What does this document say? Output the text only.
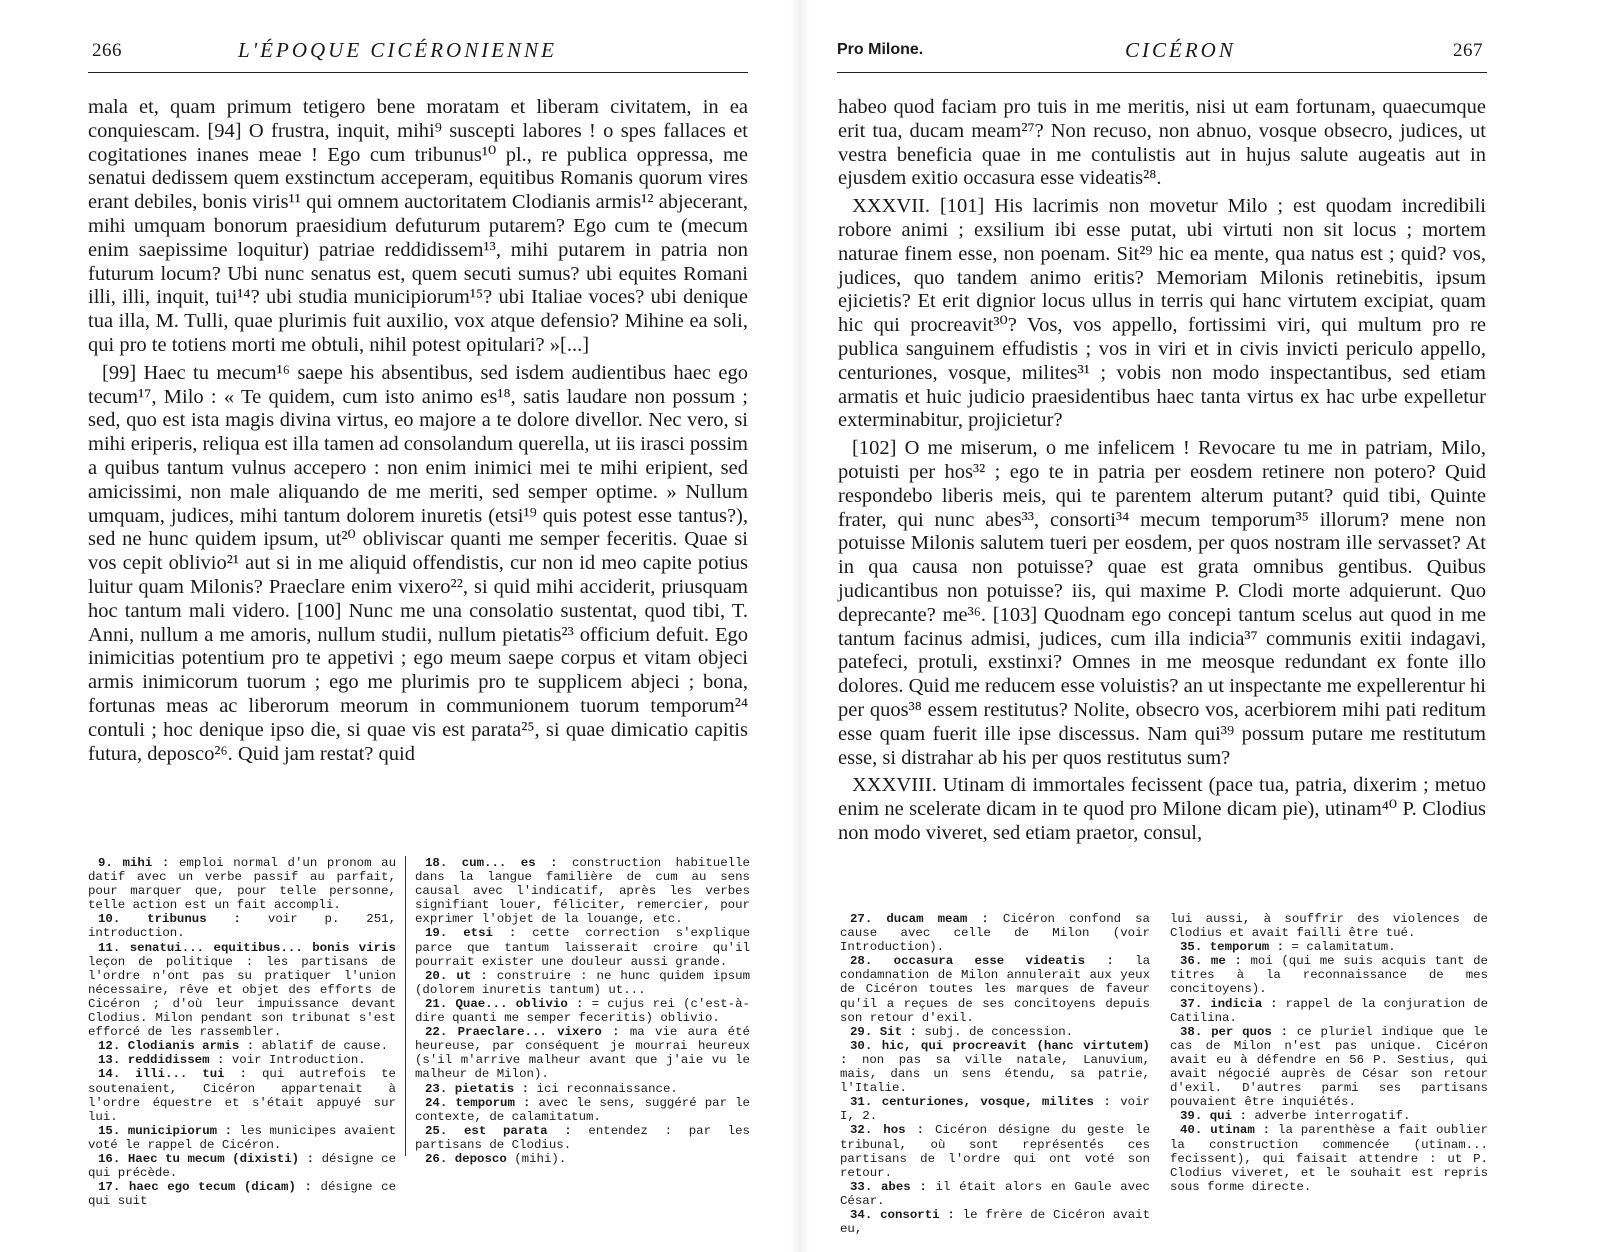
266	L'ÉPOQUE CICÉRONIENNE

mala et, quam primum tetigero bene moratam et liberam civitatem, in ea conquiescam. [94] O frustra, inquit, mihi⁹ suscepti labores ! o spes fallaces et cogitationes inanes meae ! Ego cum tribunus¹⁰ pl., re publica oppressa, me senatui dedissem quem exstinctum acceperam, equitibus Romanis quorum vires erant debiles, bonis viris¹¹ qui omnem auctoritatem Clodianis armis¹² abjecerant, mihi umquam bonorum praesidium defuturum putarem? Ego cum te (mecum enim saepissime loquitur) patriae reddidissem¹³, mihi putarem in patria non futurum locum? Ubi nunc senatus est, quem secuti sumus? ubi equites Romani illi, illi, inquit, tui¹⁴? ubi studia municipiorum¹⁵? ubi Italiae voces? ubi denique tua illa, M. Tulli, quae plurimis fuit auxilio, vox atque defensio? Mihine ea soli, qui pro te totiens morti me obtuli, nihil potest opitulari? »[...]

[99] Haec tu mecum¹⁶ saepe his absentibus, sed isdem audientibus haec ego tecum¹⁷, Milo : « Te quidem, cum isto animo es¹⁸, satis laudare non possum ; sed, quo est ista magis divina virtus, eo majore a te dolore divellor. Nec vero, si mihi eriperis, reliqua est illa tamen ad consolandum querella, ut iis irasci possim a quibus tantum vulnus accepero : non enim inimici mei te mihi eripient, sed amicissimi, non male aliquando de me meriti, sed semper optime. » Nullum umquam, judices, mihi tantum dolorem inuretis (etsi¹⁹ quis potest esse tantus?), sed ne hunc quidem ipsum, ut²⁰ obliviscar quanti me semper feceritis. Quae si vos cepit oblivio²¹ aut si in me aliquid offendistis, cur non id meo capite potius luitur quam Milonis? Praeclare enim vixero²², si quid mihi acciderit, priusquam hoc tantum mali videro. [100] Nunc me una consolatio sustentat, quod tibi, T. Anni, nullum a me amoris, nullum studii, nullum pietatis²³ officium defuit. Ego inimicitias potentium pro te appetivi ; ego meum saepe corpus et vitam objeci armis inimicorum tuorum ; ego me plurimis pro te supplicem abjeci ; bona, fortunas meas ac liberorum meorum in communionem tuorum temporum²⁴ contuli ; hoc denique ipso die, si quae vis est parata²⁵, si quae dimicatio capitis futura, deposco²⁶. Quid jam restat? quid

9. mihi : emploi normal d'un pronom au datif avec un verbe passif au parfait, pour marquer que, pour telle personne, telle action est un fait accompli.

10. tribunus : voir p. 251, introduction.

11. senatui... equitibus... bonis viris leçon de politique : les partisans de l'ordre n'ont pas su pratiquer l'union nécessaire, rêve et objet des efforts de Cicéron ; d'où leur impuissance devant Clodius. Milon pendant son tribunat s'est efforcé de les rassembler.

12. Clodianis armis : ablatif de cause.

13. reddidissem : voir Introduction.

14. illi... tui : qui autrefois te soutenaient, Cicéron appartenait à l'ordre équestre et s'était appuyé sur lui.

15. municipiorum : les municipes avaient voté le rappel de Cicéron.

16. Haec tu mecum (dixisti) : désigne ce qui précède.

17. haec ego tecum (dicam) : désigne ce qui suit

18. cum... es : construction habituelle dans la langue familière de cum au sens causal avec l'indicatif, après les verbes signifiant louer, féliciter, remercier, pour exprimer l'objet de la louange, etc.

19. etsi : cette correction s'explique parce que tantum laisserait croire qu'il pourrait exister une douleur aussi grande.

20. ut : construire : ne hunc quidem ipsum (dolorem inuretis tantum) ut...

21. Quae... oblivio : = cujus rei (c'est-à-dire quanti me semper feceritis) oblivio.

22. Praeclare... vixero : ma vie aura été heureuse, par conséquent je mourrai heureux (s'il m'arrive malheur avant que j'aie vu le malheur de Milon).

23. pietatis : ici reconnaissance.

24. temporum : avec le sens, suggéré par le contexte, de calamitatum.

25. est parata : entendez : par les partisans de Clodius.

26. deposco (mihi).

Pro Milone.	CICÉRON	267

habeo quod faciam pro tuis in me meritis, nisi ut eam fortunam, quaecumque erit tua, ducam meam²⁷? Non recuso, non abnuo, vosque obsecro, judices, ut vestra beneficia quae in me contulistis aut in hujus salute augeatis aut in ejusdem exitio occasura esse videatis²⁸.

XXXVII. [101] His lacrimis non movetur Milo ; est quodam incredibili robore animi ; exsilium ibi esse putat, ubi virtuti non sit locus ; mortem naturae finem esse, non poenam. Sit²⁹ hic ea mente, qua natus est ; quid? vos, judices, quo tandem animo eritis? Memoriam Milonis retinebitis, ipsum ejicietis? Et erit dignior locus ullus in terris qui hanc virtutem excipiat, quam hic qui procreavit³⁰? Vos, vos appello, fortissimi viri, qui multum pro re publica sanguinem effudistis ; vos in viri et in civis invicti periculo appello, centuriones, vosque, milites³¹ ; vobis non modo inspectantibus, sed etiam armatis et huic judicio praesidentibus haec tanta virtus ex hac urbe expelletur exterminabitur, projicietur?

[102] O me miserum, o me infelicem ! Revocare tu me in patriam, Milo, potuisti per hos³² ; ego te in patria per eosdem retinere non potero? Quid respondebo liberis meis, qui te parentem alterum putant? quid tibi, Quinte frater, qui nunc abes³³, consorti³⁴ mecum temporum³⁵ illorum? mene non potuisse Milonis salutem tueri per eosdem, per quos nostram ille servasset? At in qua causa non potuisse? quae est grata omnibus gentibus. Quibus judicantibus non potuisse? iis, qui maxime P. Clodi morte adquierunt. Quo deprecante? me³⁶. [103] Quodnam ego concepi tantum scelus aut quod in me tantum facinus admisi, judices, cum illa indicia³⁷ communis exitii indagavi, patefeci, protuli, exstinxi? Omnes in me meosque redundant ex fonte illo dolores. Quid me reducem esse voluistis? an ut inspectante me expellerentur hi per quos³⁸ essem restitutus? Nolite, obsecro vos, acerbiorem mihi pati reditum esse quam fuerit ille ipse discessus. Nam qui³⁹ possum putare me restitutum esse, si distrahar ab his per quos restitutus sum?

XXXVIII. Utinam di immortales fecissent (pace tua, patria, dixerim ; metuo enim ne scelerate dicam in te quod pro Milone dicam pie), utinam⁴⁰ P. Clodius non modo viveret, sed etiam praetor, consul,

27. ducam meam : Cicéron confond sa cause avec celle de Milon (voir Introduction).

28. occasura esse videatis : la condamnation de Milon annulerait aux yeux de Cicéron toutes les marques de faveur qu'il a reçues de ses concitoyens depuis son retour d'exil.

29. Sit : subj. de concession.

30. hic, qui procreavit (hanc virtutem) : non pas sa ville natale, Lanuvium, mais, dans un sens étendu, sa patrie, l'Italie.

31. centuriones, vosque, milites : voir I, 2.

32. hos : Cicéron désigne du geste le tribunal, où sont représentés ces partisans de l'ordre qui ont voté son retour.

33. abes : il était alors en Gaule avec César.

34. consorti : le frère de Cicéron avait eu,

lui aussi, à souffrir des violences de Clodius et avait failli être tué.

35. temporum : = calamitatum.

36. me : moi (qui me suis acquis tant de titres à la reconnaissance de mes concitoyens).

37. indicia : rappel de la conjuration de Catilina.

38. per quos : ce pluriel indique que le cas de Milon n'est pas unique. Cicéron avait eu à défendre en 56 P. Sestius, qui avait négocié auprès de César son retour d'exil. D'autres parmi ses partisans pouvaient être inquiétés.

39. qui : adverbe interrogatif.

40. utinam : la parenthèse a fait oublier la construction commencée (utinam... fecissent), qui faisait attendre : ut P. Clodius viveret, et le souhait est repris sous forme directe.
